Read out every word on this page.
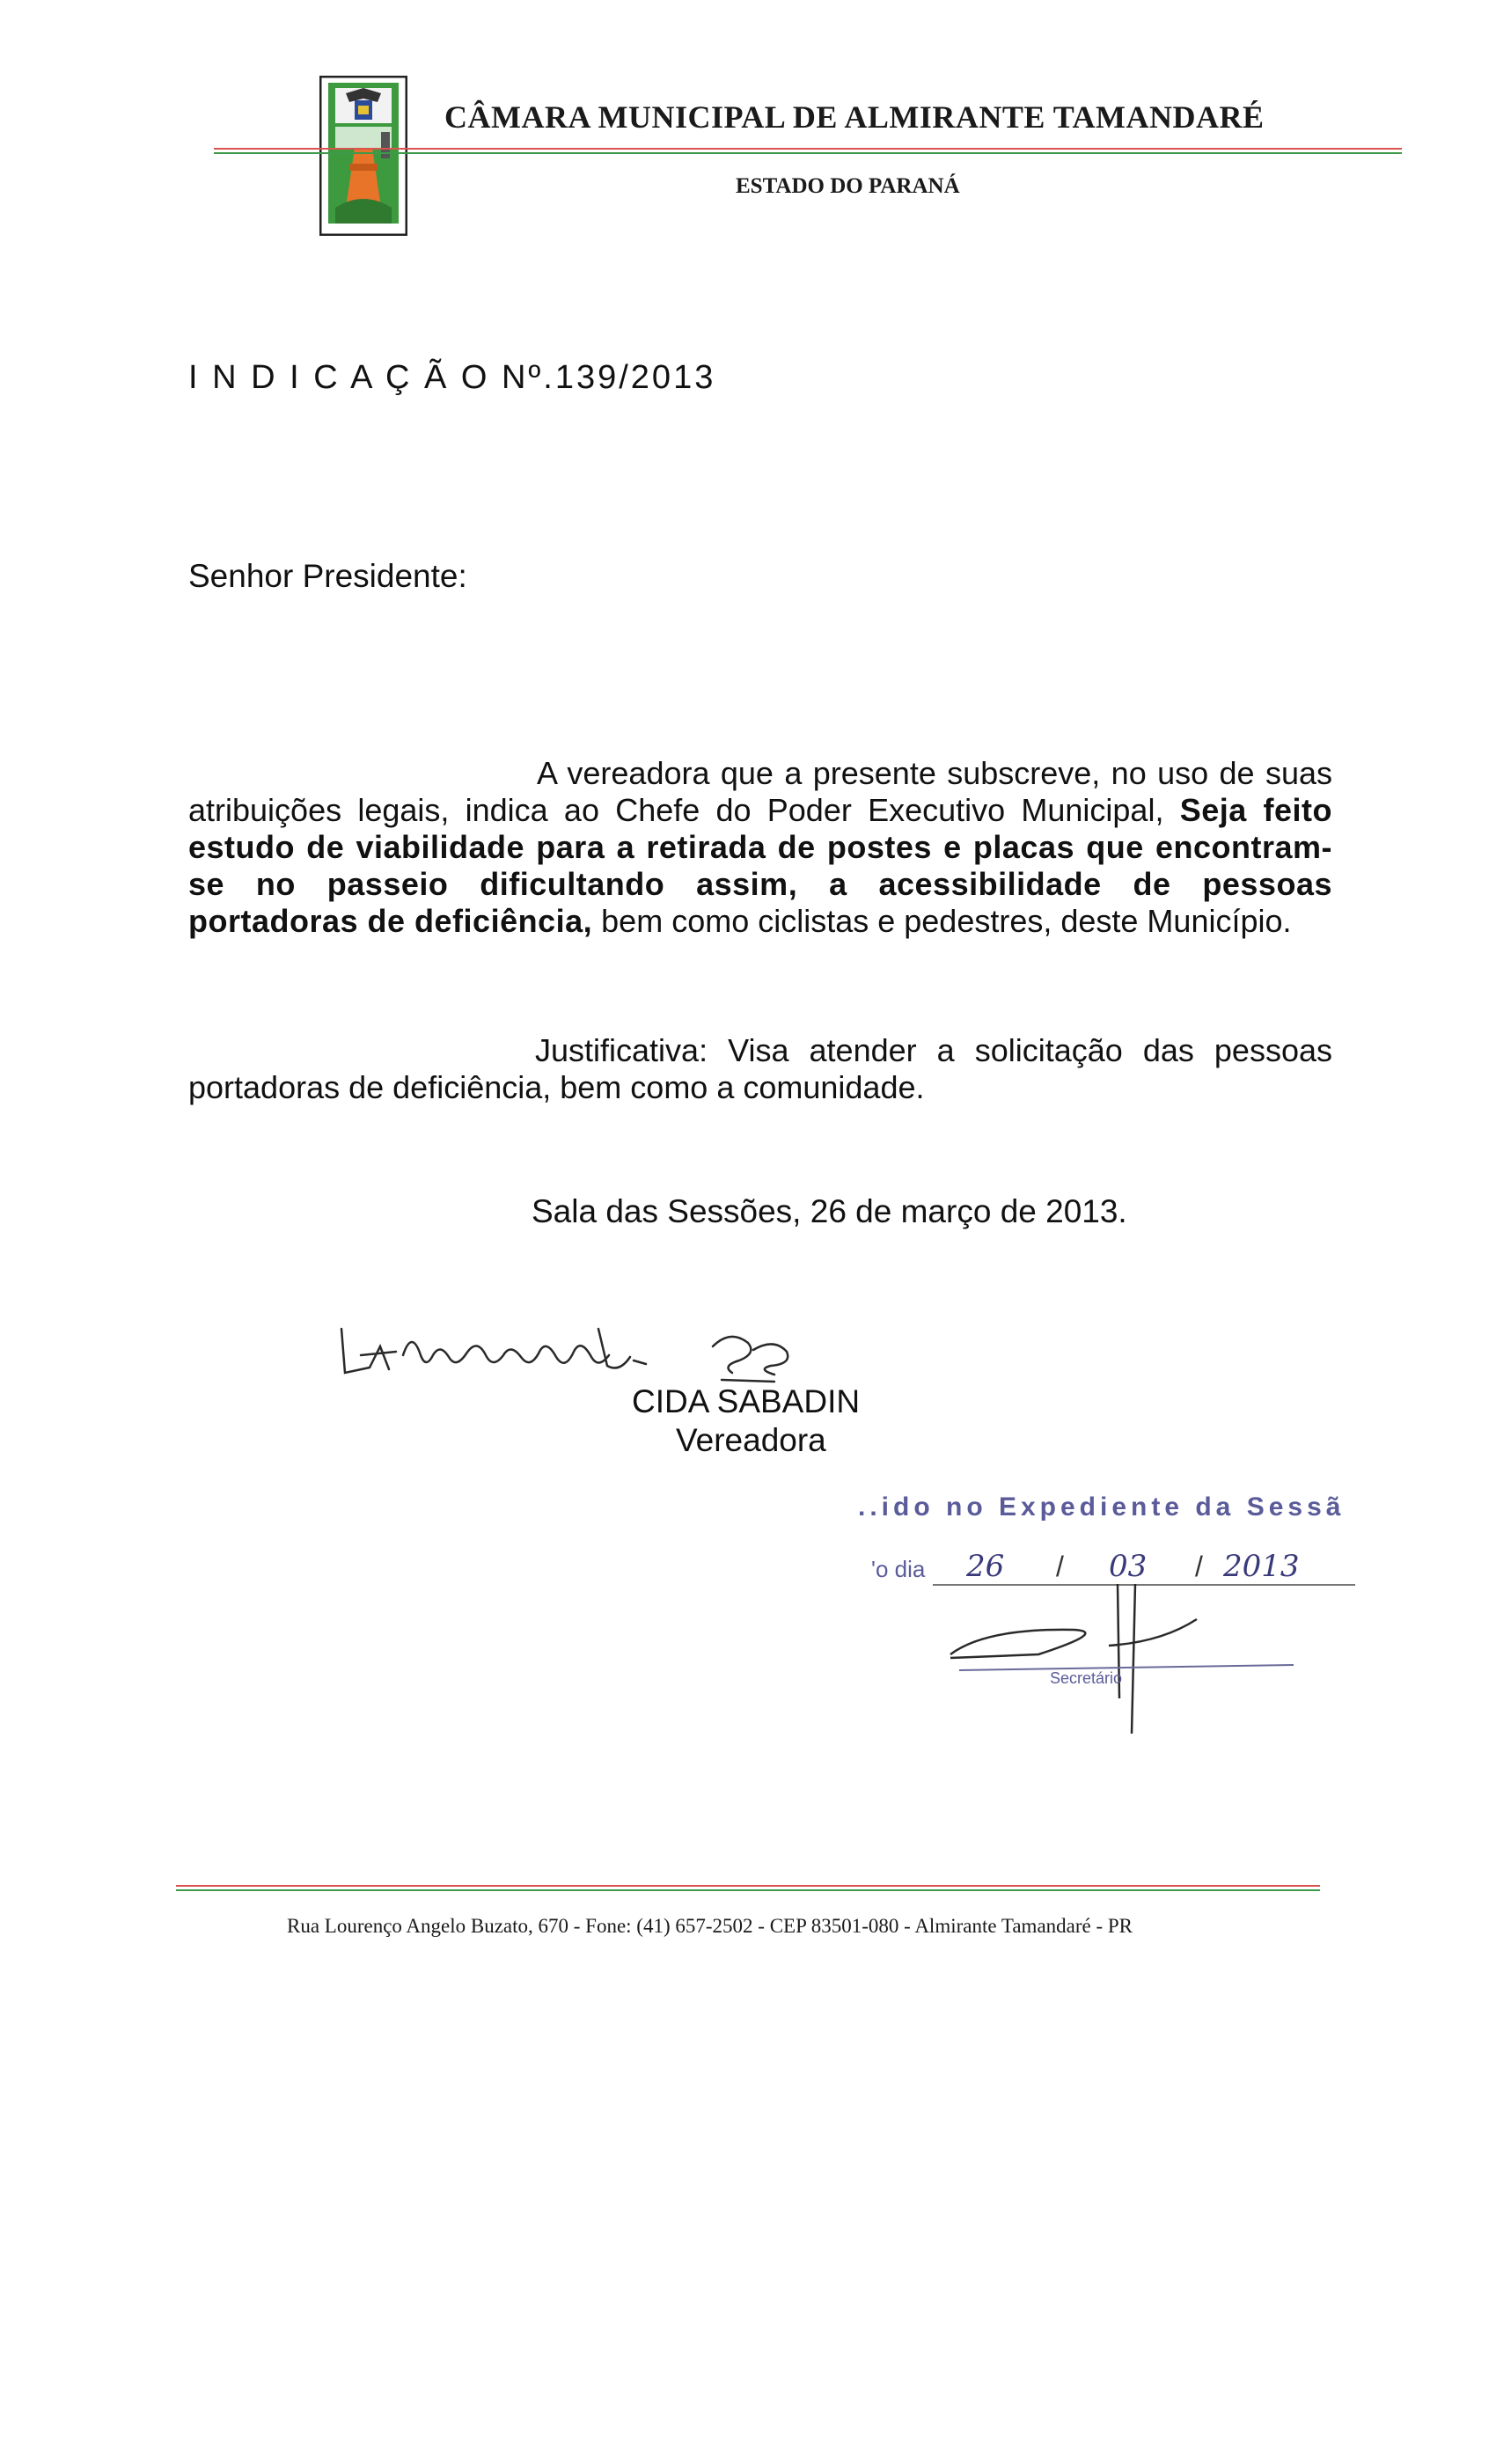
CÂMARA MUNICIPAL DE ALMIRANTE TAMANDARÉ
ESTADO DO PARANÁ
I N D I C A Ç Ã O Nº.139/2013
Senhor Presidente:
A vereadora que a presente subscreve, no uso de suas atribuições legais, indica ao Chefe do Poder Executivo Municipal, Seja feito estudo de viabilidade para a retirada de postes e placas que encontram-se no passeio dificultando assim, a acessibilidade de pessoas portadoras de deficiência, bem como ciclistas e pedestres, deste Município.
Justificativa: Visa atender a solicitação das pessoas portadoras de deficiência, bem como a comunidade.
Sala das Sessões, 26 de março de 2013.
CIDA SABADIN
Vereadora
..ido no Expediente da Sessã
'o dia 26 / 03 / 2013
Secretário
Rua Lourenço Angelo Buzato, 670 - Fone: (41) 657-2502 - CEP 83501-080 - Almirante Tamandaré - PR
